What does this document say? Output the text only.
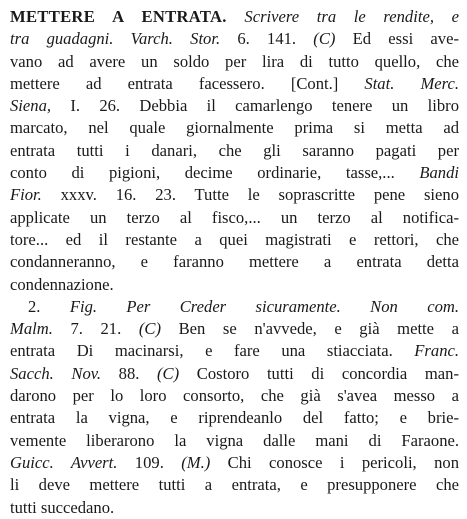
METTERE A ENTRATA. Scrivere tra le rendite, e
tra guadagni. Varch. Stor. 6. 141. (C) Ed essi ave-
vano ad avere un soldo per lira di tutto quello, che
mettere ad entrata facessero. [Cont.] Stat. Merc.
Siena, I. 26. Debbia il camarlengo tenere un libro
marcato, nel quale giornalmente prima si metta ad
entrata tutti i danari, che gli saranno pagati per
conto di pigioni, decime ordinarie, tasse,... Bandi
Fior. xxxv. 16. 23. Tutte le soprascritte pene sieno
applicate un terzo al fisco,... un terzo al notifica-
tore... ed il restante a quei magistrati e rettori, che
condanneranno, e faranno mettere a entrata detta
condennazione.
2. Fig. Per Creder sicuramente. Non com.
Malm. 7. 21. (C) Ben se n'avvede, e già mette a
entrata Di macinarsi, e fare una stiacciata. Franc.
Sacch. Nov. 88. (C) Costoro tutti di concordia man-
darono per lo loro consorto, che già s'avea messo a
entrata la vigna, e riprendeanlo del fatto; e brie-
vemente liberarono la vigna dalle mani di Faraone.
Guicc. Avvert. 109. (M.) Chi conosce i pericoli, non
li deve mettere tutti a entrata, e presupponere che
tutti succedano.
